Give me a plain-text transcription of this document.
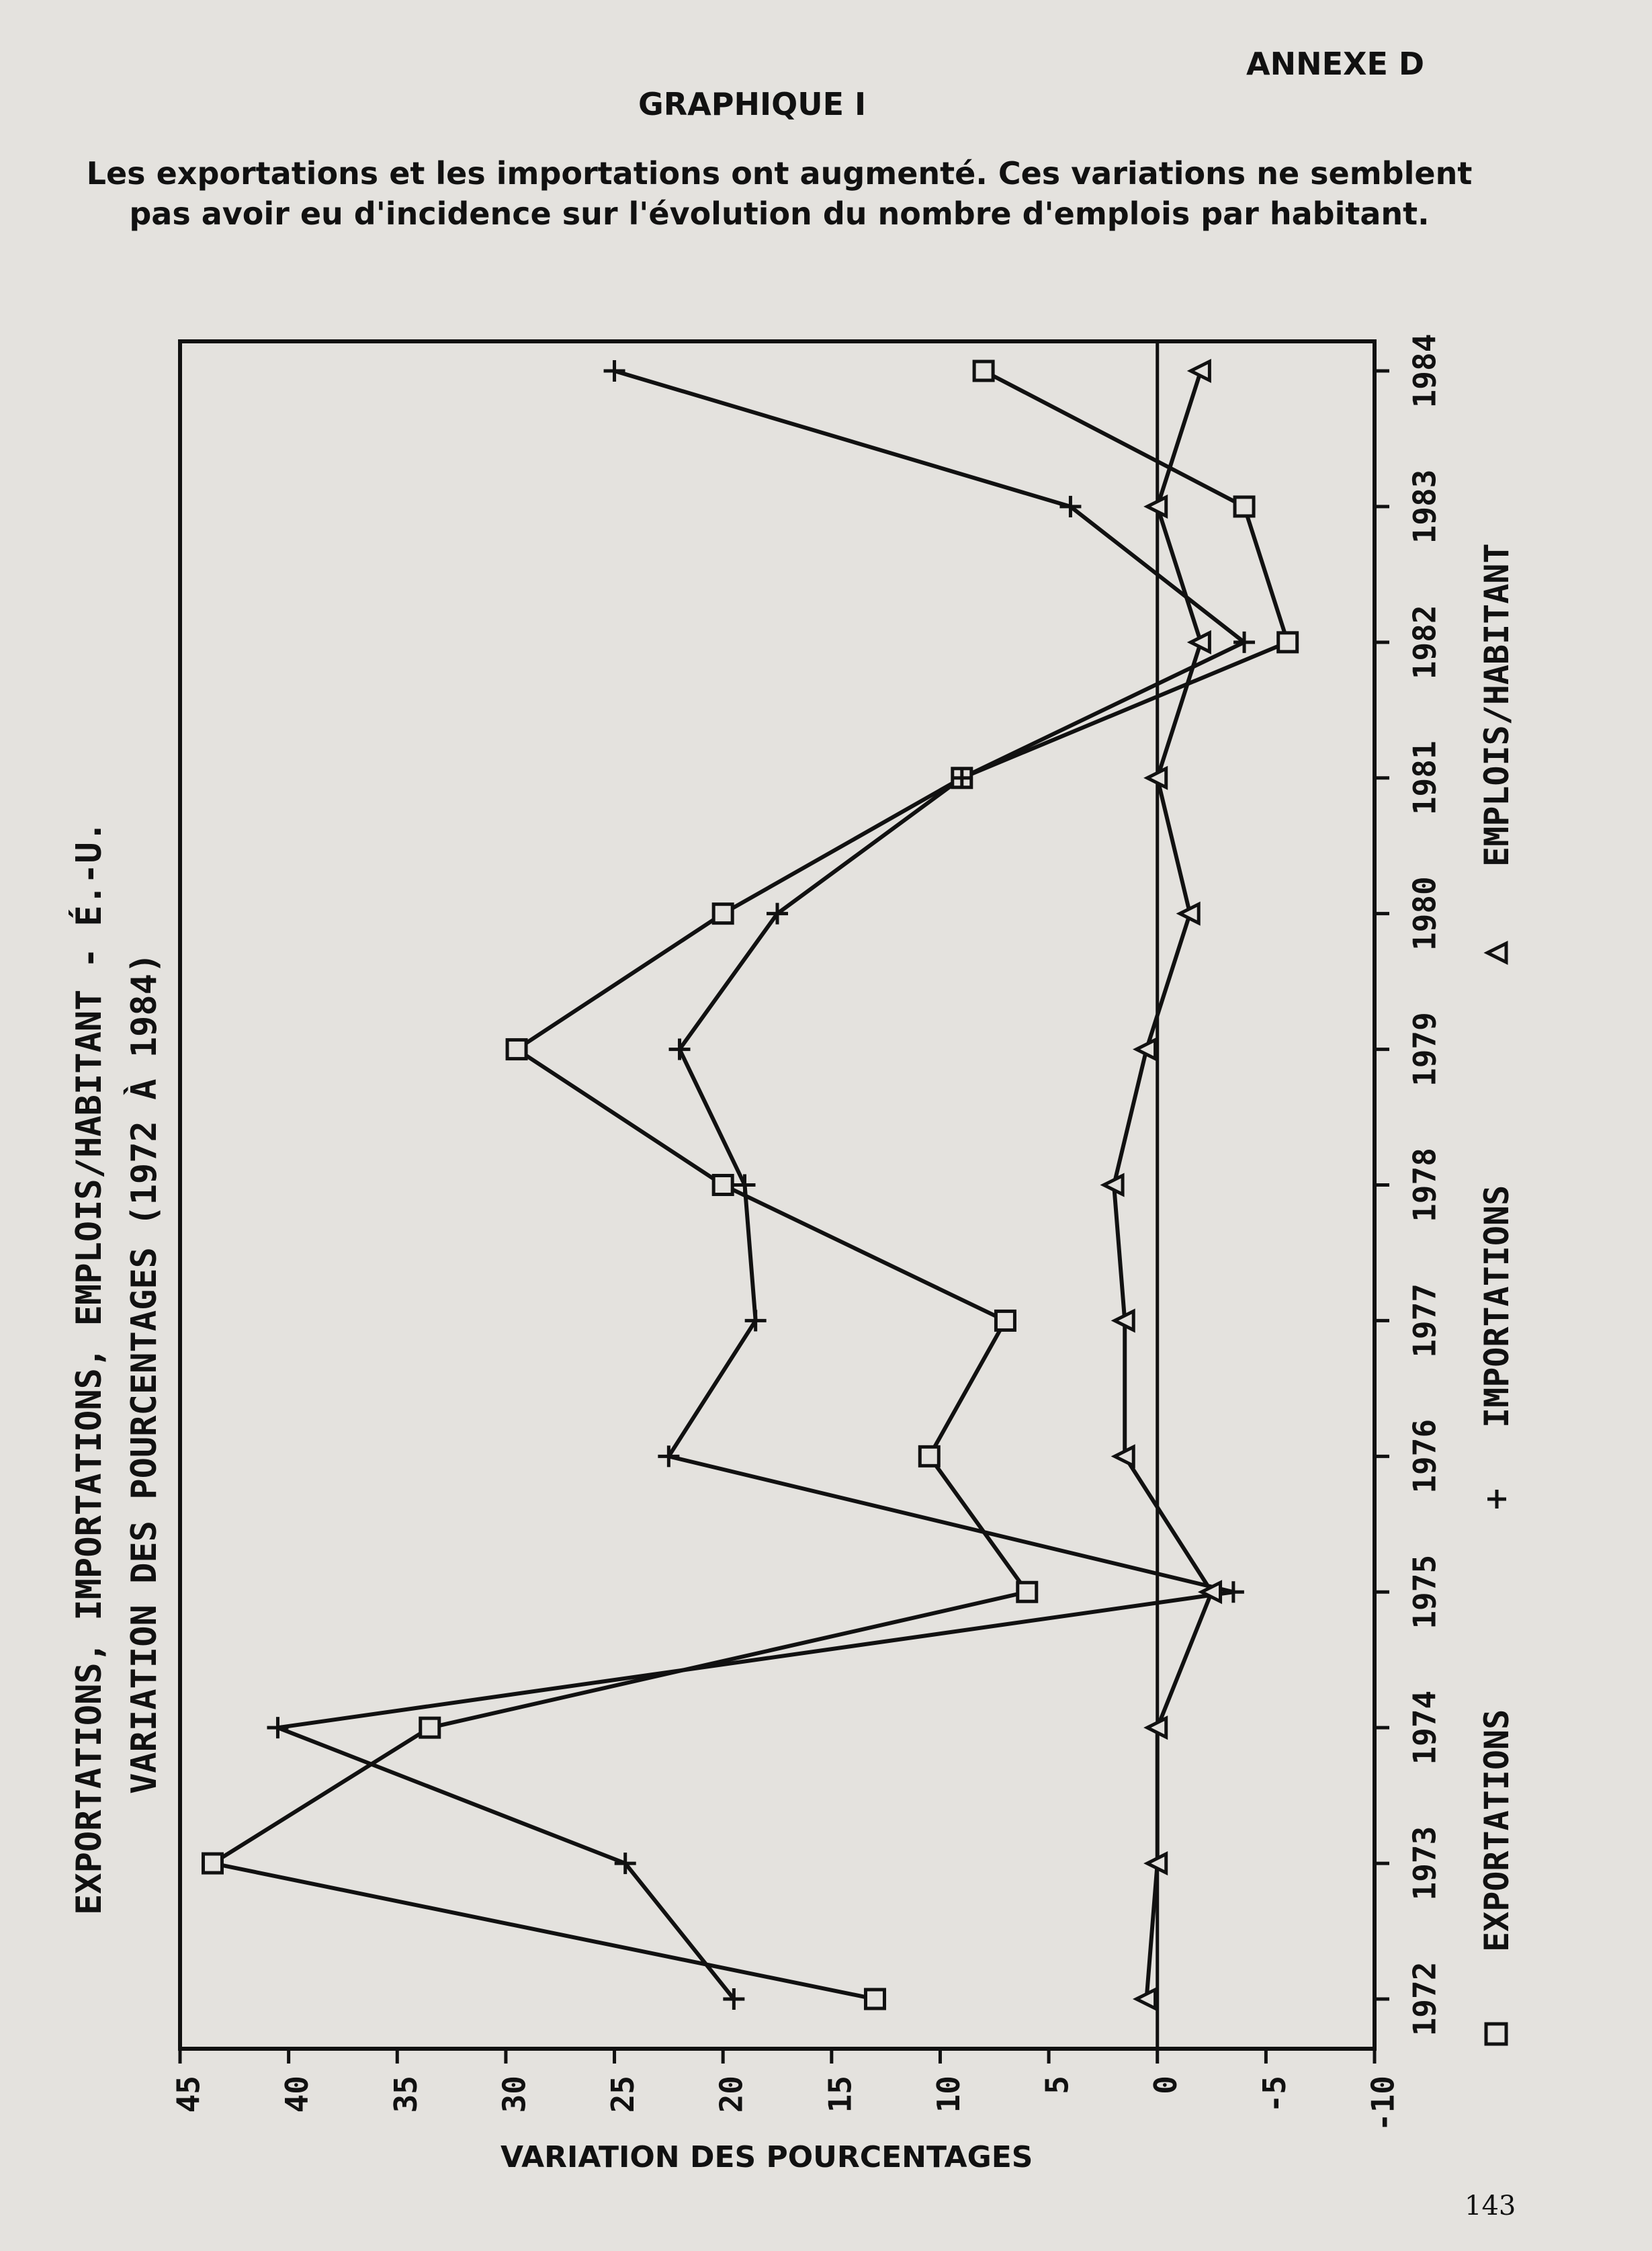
ANNEXE D
GRAPHIQUE I
Les exportations et les importations ont augmenté. Ces variations ne semblent pas avoir eu d'incidence sur l'évolution du nombre d'emplois par habitant.
143
45 40 35 30 25 20 15 10 5 0 -5 -10
1972
1973
1974
1975
1976
1977
1978
1979
1980
1981
1982
1983
1984
EXPORTATIONS, IMPORTATIONS, EMPLOIS/HABITANT - É.-U. VARIATION DES POURCENTAGES (1972 À 1984)
VARIATION DES POURCENTAGES
EXPORTATIONS
IMPORTATIONS
EMPLOIS/HABITANT
